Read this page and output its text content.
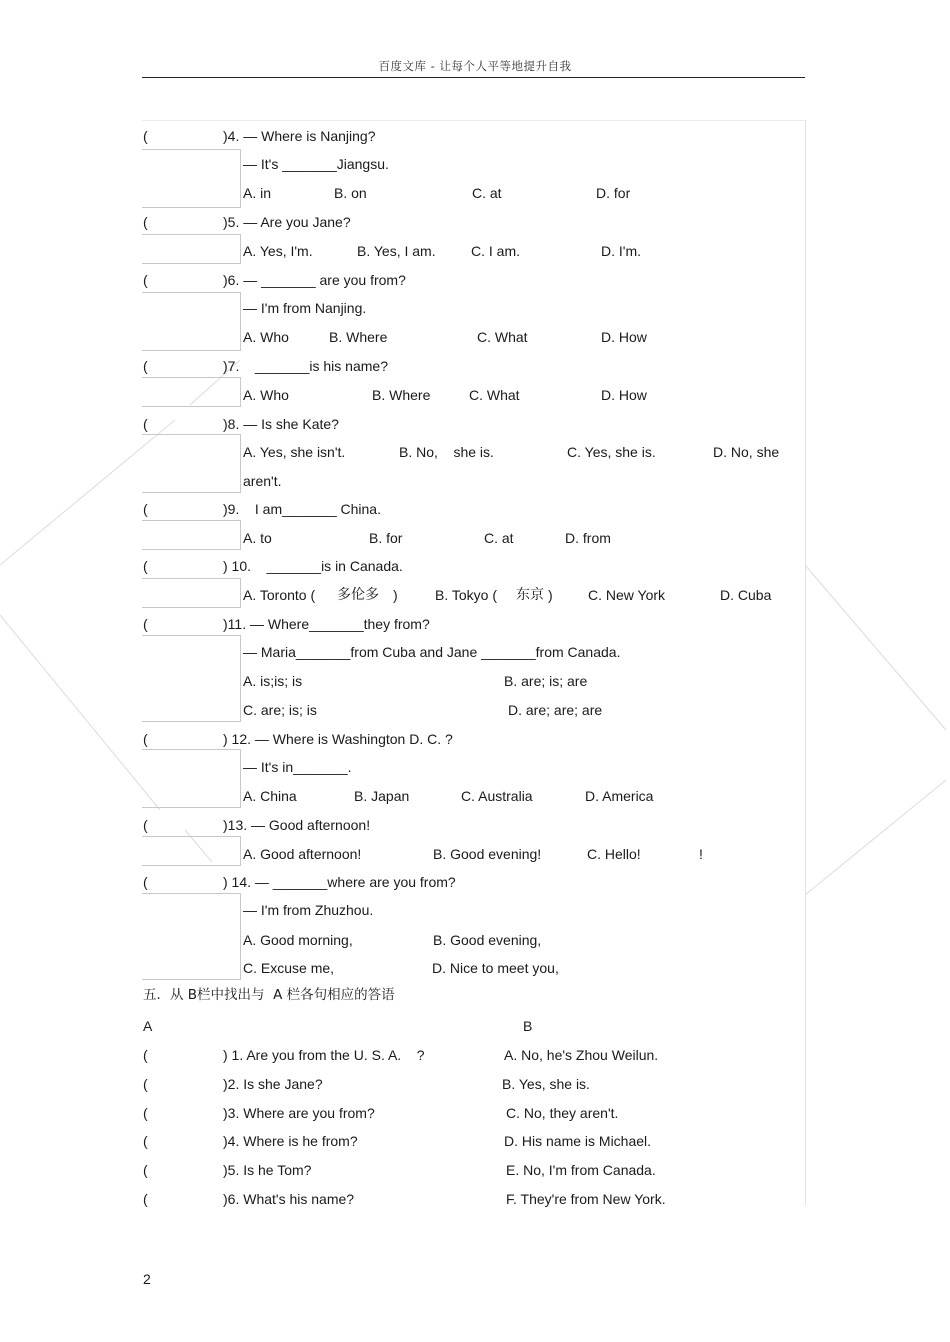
百度文库 - 让每个人平等地提升自我
(	)4. — Where is Nanjing?
— It's _______Jiangsu.
A. in	B. on	C. at	D. for
(	)5. — Are you Jane?
A. Yes, I'm.	B. Yes, I am.	C. I am.	D. I'm.
(	)6. — _______ are you from?
— I'm from Nanjing.
A. Who	B. Where	C. What	D. How
(	)7.    _______is his name?
A. Who	B. Where	C. What	D. How
(	)8. — Is she Kate?
A. Yes, she isn't.	B. No,    she is.	C. Yes, she is.	D. No, she
aren't.
(	)9.    I am_______ China.
A. to	B. for	C. at	D. from
(	) 10.    _______is in Canada.
A. Toronto ( 多伦多 )	B. Tokyo ( 东京 )	C. New York	D. Cuba
(	)11. — Where_______they from?
— Maria_______from Cuba and Jane _______from Canada.
A. is;is; is	B. are; is; are
C. are; is; is	D. are; are; are
(	) 12. — Where is Washington D. C. ?
— It's in_______.
A. China	B. Japan	C. Australia	D. America
(	)13. — Good afternoon!
A. Good afternoon!	B. Good evening!	C. Hello!	!
(	) 14. — _______where are you from?
— I'm from Zhuzhou.
A. Good morning,	B. Good evening,
C. Excuse me,	D. Nice to meet you,
五．从 B栏中找出与  A 栏各句相应的答语
A	B
(	) 1. Are you from the U. S. A.    ?	A. No, he's Zhou Weilun.
(	)2. Is she Jane?	B. Yes, she is.
(	)3. Where are you from?	C. No, they aren't.
(	)4. Where is he from?	D. His name is Michael.
(	)5. Is he Tom?	E. No, I'm from Canada.
(	)6. What's his name?	F. They're from New York.
2
